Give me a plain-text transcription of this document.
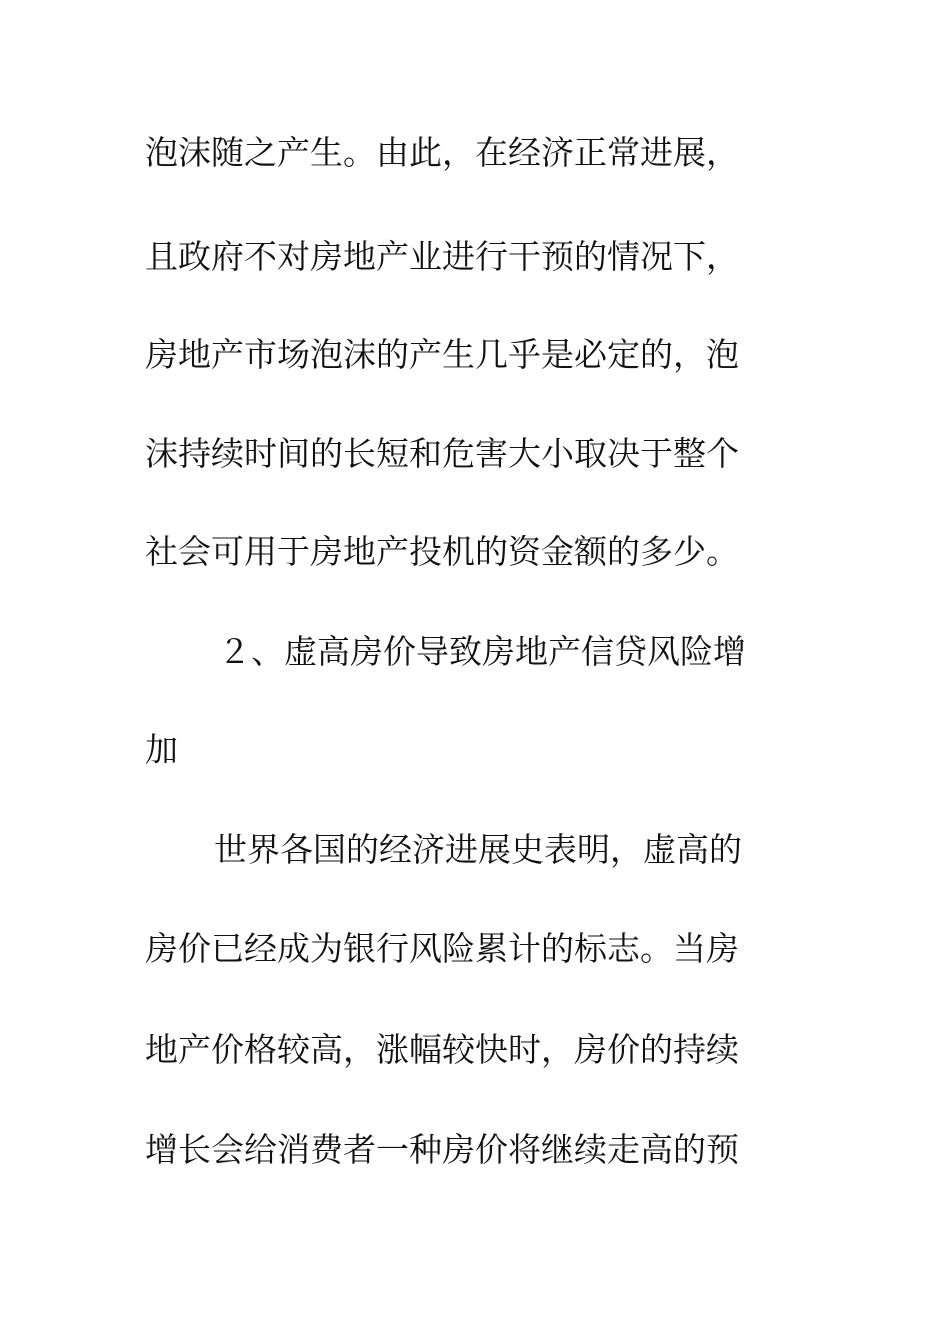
泡沫随之产生。由此，在经济正常进展，
且政府不对房地产业进行干预的情况下，
房地产市场泡沫的产生几乎是必定的，泡
沫持续时间的长短和危害大小取决于整个
社会可用于房地产投机的资金额的多少。
２、虚高房价导致房地产信贷风险增
加
世界各国的经济进展史表明，虚高的
房价已经成为银行风险累计的标志。当房
地产价格较高，涨幅较快时，房价的持续
增长会给消费者一种房价将继续走高的预
